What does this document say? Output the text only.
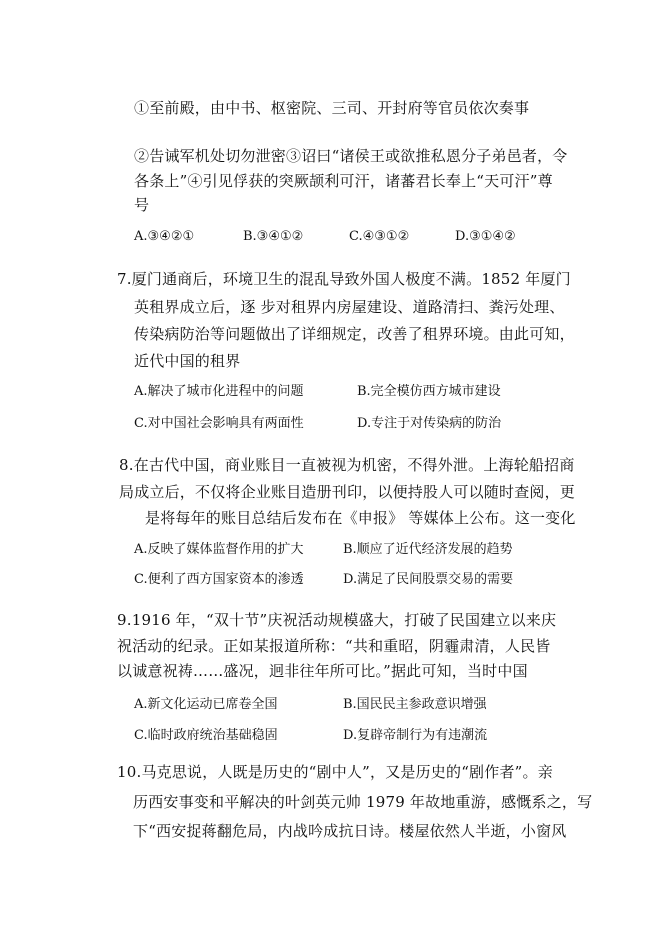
①至前殿，由中书、枢密院、三司、开封府等官员依次奏事
②告诫军机处切勿泄密③诏曰“诸侯王或欲推私恩分子弟邑者，令
各条上”④引见俘获的突厥颉利可汗，诸蕃君长奉上“天可汗”尊
号
A.③④②①	B.③④①②	C.④③①②	D.③①④②
7.厦门通商后，环境卫生的混乱导致外国人极度不满。1852 年厦门
英租界成立后，逐 步对租界内房屋建设、道路清扫、粪污处理、
传染病防治等问题做出了详细规定，改善了租界环境。由此可知，
近代中国的租界
A.解决了城市化进程中的问题	B.完全模仿西方城市建设
C.对中国社会影响具有两面性	D.专注于对传染病的防治
8.在古代中国，商业账目一直被视为机密，不得外泄。上海轮船招商
局成立后，不仅将企业账目造册刊印，以便持股人可以随时查阅，更
是将每年的账目总结后发布在《申报》 等媒体上公布。这一变化
A.反映了媒体监督作用的扩大	B.顺应了近代经济发展的趋势
C.便利了西方国家资本的渗透	D.满足了民间股票交易的需要
9.1916 年，“双十节”庆祝活动规模盛大，打破了民国建立以来庆
祝活动的纪录。正如某报道所称：“共和重昭，阴霾肃清，人民皆
以诚意祝祷……盛况，迥非往年所可比。”据此可知，当时中国
A.新文化运动已席卷全国	B.国民民主参政意识增强
C.临时政府统治基础稳固	D.复辟帝制行为有违潮流
10.马克思说，人既是历史的“剧中人”，又是历史的“剧作者”。亲
历西安事变和平解决的叶剑英元帅 1979 年故地重游，感慨系之，写
下“西安捉蒋翻危局，内战吟成抗日诗。楼屋依然人半逝，小窗风
